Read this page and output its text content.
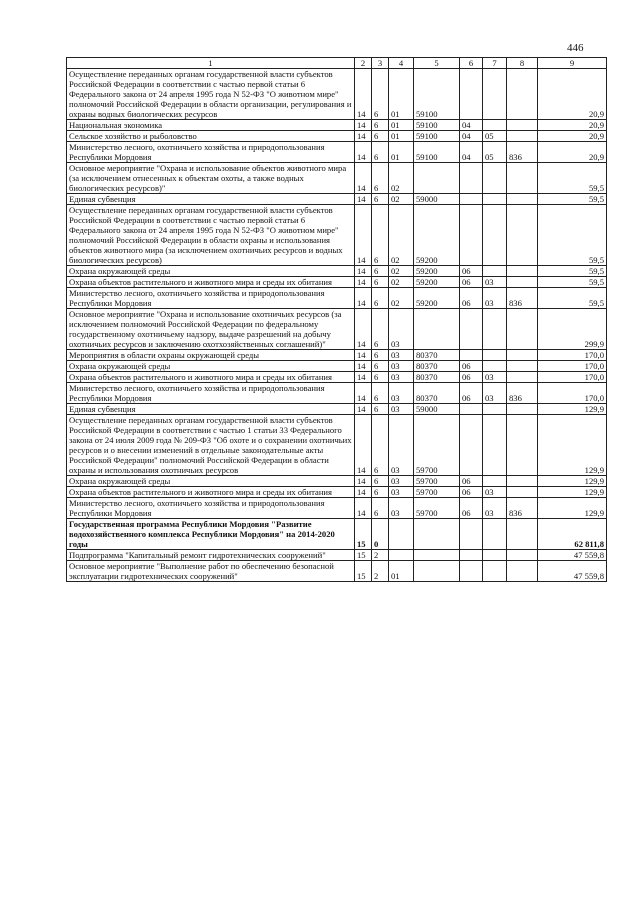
446
1	2	3	4	5	6	7	8	9
Осуществление переданных органам государственной власти субъектов Российской Федерации в соответствии с частью первой статьи 6 Федерального закона от 24 апреля 1995 года N 52-ФЗ "О животном мире" полномочий Российской Федерации в области организации, регулирования и охраны водных биологических ресурсов	14	6	01	59100				20,9
Национальная экономика	14	6	01	59100	04			20,9
Сельское хозяйство и рыболовство	14	6	01	59100	04	05		20,9
Министерство лесного, охотничьего хозяйства и природопользования Республики Мордовия	14	6	01	59100	04	05	836	20,9
Основное мероприятие "Охрана и использование объектов животного мира (за исключением отнесенных к объектам охоты, а также водных биологических ресурсов)"	14	6	02					59,5
Единая субвенция	14	6	02	59000				59,5
Осуществление переданных органам государственной власти субъектов Российской Федерации в соответствии с частью первой статьи 6 Федерального закона от 24 апреля 1995 года N 52-ФЗ "О животном мире" полномочий Российской Федерации в области охраны и использования объектов животного мира (за исключением охотничьих ресурсов и водных биологических ресурсов)	14	6	02	59200				59,5
Охрана окружающей среды	14	6	02	59200	06			59,5
Охрана объектов растительного и животного мира и среды их обитания	14	6	02	59200	06	03		59,5
Министерство лесного, охотничьего хозяйства и природопользования Республики Мордовия	14	6	02	59200	06	03	836	59,5
Основное мероприятие "Охрана и использование охотничьих ресурсов (за исключением полномочий Российской Федерации по федеральному государственному охотничьему надзору, выдаче разрешений на добычу охотничьих ресурсов и заключению охотхозяйственных соглашений)"	14	6	03					299,9
Мероприятия в области охраны окружающей среды	14	6	03	80370				170,0
Охрана окружающей среды	14	6	03	80370	06			170,0
Охрана объектов растительного и животного мира и среды их обитания	14	6	03	80370	06	03		170,0
Министерство лесного, охотничьего хозяйства и природопользования Республики Мордовия	14	6	03	80370	06	03	836	170,0
Единая субвенция	14	6	03	59000				129,9
Осуществление переданных органам государственной власти субъектов Российской Федерации в соответствии с частью 1 статьи 33 Федерального закона от 24 июля 2009 года № 209-ФЗ "Об охоте и о сохранении охотничьих ресурсов и о внесении изменений в отдельные законодательные акты Российской Федерации" полномочий Российской Федерации в области охраны и использования охотничьих ресурсов	14	6	03	59700				129,9
Охрана окружающей среды	14	6	03	59700	06			129,9
Охрана объектов растительного и животного мира и среды их обитания	14	6	03	59700	06	03		129,9
Министерство лесного, охотничьего хозяйства и природопользования Республики Мордовия	14	6	03	59700	06	03	836	129,9
Государственная программа Республики Мордовия "Развитие водохозяйственного комплекса Республики Мордовия" на 2014-2020 годы	15	0						62 811,8
Подпрограмма "Капитальный ремонт гидротехнических сооружений"	15	2						47 559,8
Основное мероприятие "Выполнение работ по обеспечению безопасной эксплуатации гидротехнических сооружений"	15	2	01					47 559,8
